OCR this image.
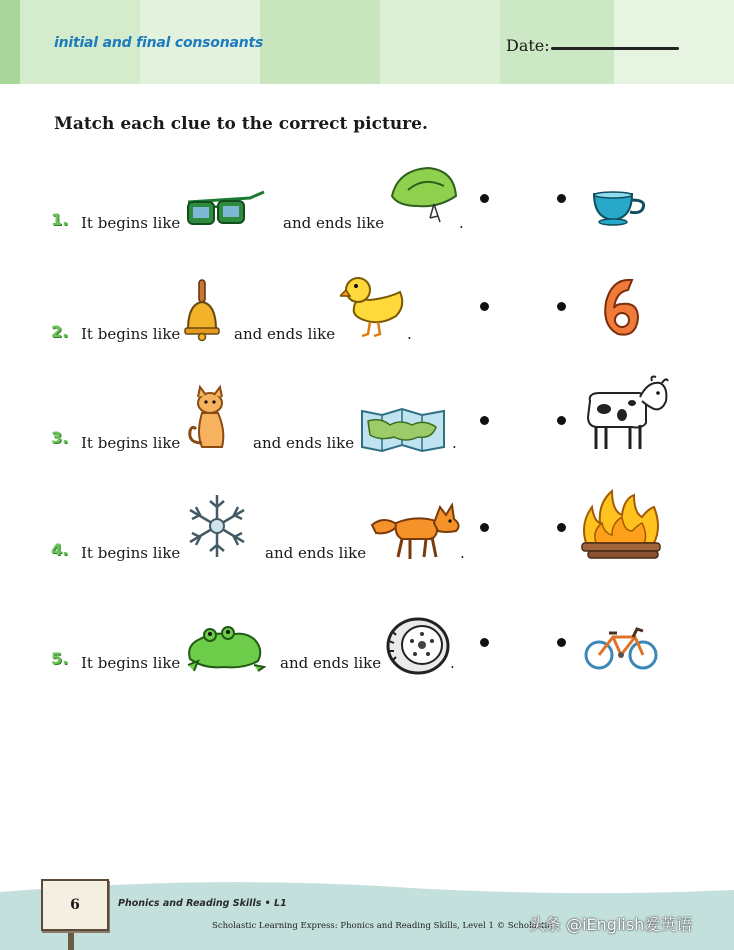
initial and final consonants	Date:
Match each clue to the correct picture.
1. It begins like	and ends like	.
2. It begins like	and ends like	.
3. It begins like	and ends like	.
4. It begins like	and ends like	.
5. It begins like	and ends like	.
6	Phonics and Reading Skills • L1
Scholastic Learning Express: Phonics and Reading Skills, Level 1 © Scholastic
头条 @iEnglish爱英语
